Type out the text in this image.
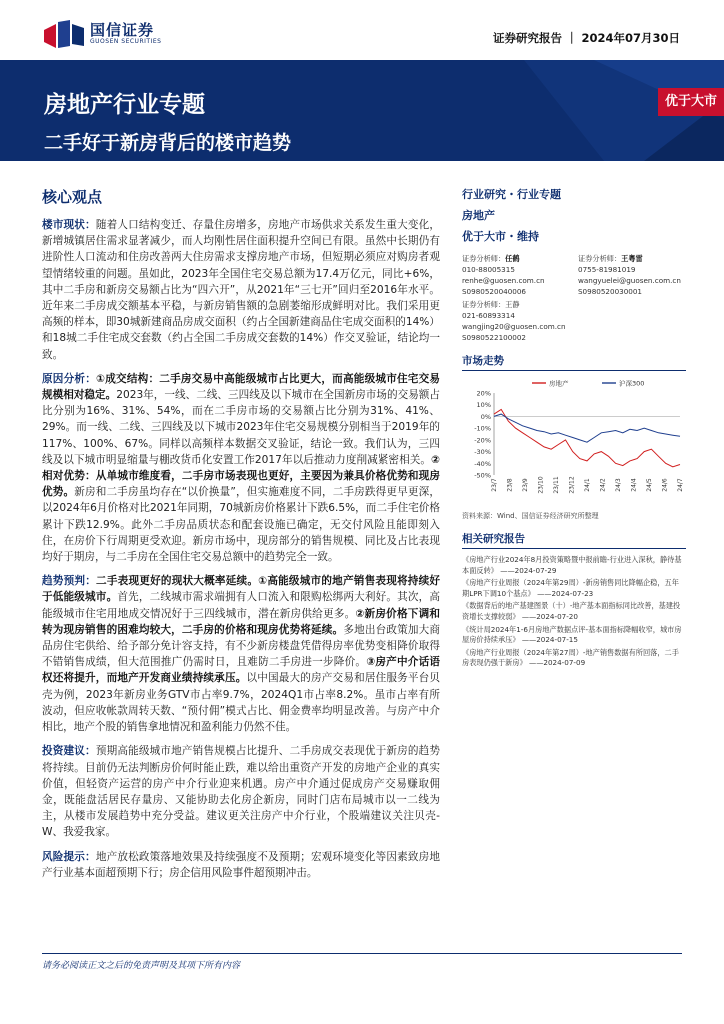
国信证券
GUOSEN SECURITIES	证券研究报告 ｜ 2024年07月30日
房地产行业专题
二手好于新房背后的楼市趋势
优于大市
核心观点

楼市现状：随着人口结构变迁、存量住房增多，房地产市场供求关系发生重大变化，新增城镇居住需求显著减少，而人均刚性居住面积提升空间已有限。虽然中长期仍有进阶性人口流动和住房改善两大住房需求支撑房地产市场，但短期必须应对购房者观望情绪较重的问题。虽如此，2023年全国住宅交易总额为17.4万亿元，同比+6%，其中二手房和新房交易额占比为“四六开”，从2021年“三七开”回归至2016年水平。近年来二手房成交额基本平稳，与新房销售额的急剧萎缩形成鲜明对比。我们采用更高频的样本，即30城新建商品房成交面积（约占全国新建商品住宅成交面积的14%）和18城二手住宅成交套数（约占全国二手房成交套数的14%）作交叉验证，结论均一致。

原因分析：①成交结构：二手房交易中高能级城市占比更大，而高能级城市住宅交易规模相对稳定。2023年，一线、二线、三四线及以下城市在全国新房市场的交易额占比分别为16%、31%、54%，而在二手房市场的交易额占比分别为31%、41%、29%。而一线、二线、三四线及以下城市2023年住宅交易规模分别相当于2019年的117%、100%、67%。同样以高频样本数据交叉验证，结论一致。我们认为，三四线及以下城市明显缩量与棚改货币化安置工作2017年以后推动力度削减紧密相关。②相对优势：从单城市维度看，二手房市场表现也更好，主要因为兼具价格优势和现房优势。新房和二手房虽均存在“以价换量”，但实施难度不同，二手房跌得更早更深，以2024年6月价格对比2021年同期，70城新房价格累计下跌6.5%，而二手住宅价格累计下跌12.9%。此外二手房品质状态和配套设施已确定，无交付风险且能即刻入住，在房价下行周期更受欢迎。新房市场中，现房部分的销售规模、同比及占比表现均好于期房，与二手房在全国住宅交易总额中的趋势完全一致。

趋势预判：二手表现更好的现状大概率延续。①高能级城市的地产销售表现将持续好于低能级城市。首先，二线城市需求端拥有人口流入和限购松绑两大利好。其次，高能级城市住宅用地成交情况好于三四线城市，潜在新房供给更多。②新房价格下调和转为现房销售的困难均较大，二手房的价格和现房优势将延续。多地出台政策加大商品房住宅供给、给予部分免计容支持，有不少新房楼盘凭借得房率优势变相降价取得不错销售成绩，但大范围推广仍需时日，且难防二手房进一步降价。③房产中介话语权还将提升，而地产开发商业绩持续承压。以中国最大的房产交易和居住服务平台贝壳为例，2023年新房业务GTV市占率9.7%，2024Q1市占率8.2%。虽市占率有所波动，但应收帐款周转天数、“预付佣”模式占比、佣金费率均明显改善。与房产中介相比，地产个股的销售拿地情况和盈利能力仍然不佳。

投资建议：预期高能级城市地产销售规模占比提升、二手房成交表现优于新房的趋势将持续。目前仍无法判断房价何时能止跌，难以给出重资产开发的房地产企业的真实价值，但轻资产运营的房产中介行业迎来机遇。房产中介通过促成房产交易赚取佣金，既能盘活居民存量房、又能协助去化房企新房，同时门店布局城市以一二线为主，从楼市发展趋势中充分受益。建议更关注房产中介行业，个股端建议关注贝壳-W、我爱我家。

风险提示：地产放松政策落地效果及持续强度不及预期；宏观环境变化等因素致房地产行业基本面超预期下行；房企信用风险事件超预期冲击。

行业研究・行业专题
房地产
优于大市・维持
证券分析师：任鹤
010-88005315
renhe@guosen.com.cn
S0980520040006
证券分析师：王粤雷
0755-81981019
wangyuelei@guosen.com.cn
S0980520030001
证券分析师：王静
021-60893314
wangjing20@guosen.com.cn
S0980522100002
市场走势
20%
10%
0%
-10%
-20%
-30%
-40%
-50%
23/7 23/8 23/9 23/10 23/11 23/12 24/1 24/2 24/3 24/4 24/5 24/6 24/7
房地产	沪深300
资料来源：Wind、国信证券经济研究所整理
相关研究报告
《房地产行业2024年8月投资策略暨中报前瞻-行业进入深秋，静待基本面反转》 ——2024-07-29
《房地产行业周报（2024年第29周）-新房销售同比降幅企稳，五年期LPR下调10个基点》 ——2024-07-23
《数据背后的地产基建图景（十）-地产基本面指标同比改善，基建投资增长支撑较弱》 ——2024-07-20
《统计局2024年1-6月房地产数据点评-基本面指标降幅收窄，城市房屋房价持续承压》 ——2024-07-15
《房地产行业周报（2024年第27周）-地产销售数据有所回落，二手房表现仍强于新房》 ——2024-07-09
请务必阅读正文之后的免责声明及其项下所有内容
